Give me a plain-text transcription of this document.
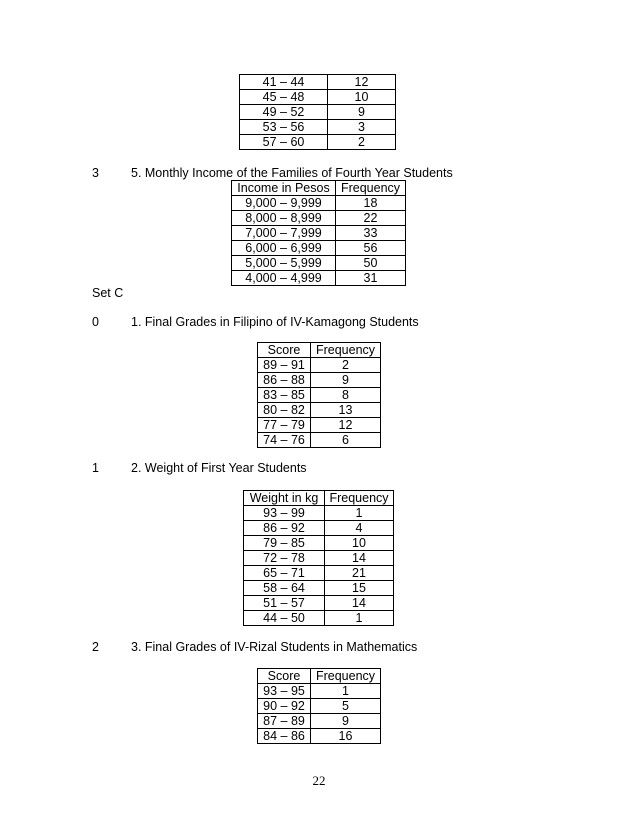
41 – 44	12
45 – 48	10
49 – 52	9
53 – 56	3
57 – 60	2
3	5. Monthly Income of the Families of Fourth Year Students
Income in Pesos	Frequency
9,000 – 9,999	18
8,000 – 8,999	22
7,000 – 7,999	33
6,000 – 6,999	56
5,000 – 5,999	50
4,000 – 4,999	31
Set C
0	1. Final Grades in Filipino of IV-Kamagong Students
Score	Frequency
89 – 91	2
86 – 88	9
83 – 85	8
80 – 82	13
77 – 79	12
74 – 76	6
1	2. Weight of First Year Students
Weight in kg	Frequency
93 – 99	1
86 – 92	4
79 – 85	10
72 – 78	14
65 – 71	21
58 – 64	15
51 – 57	14
44 – 50	1
2	3. Final Grades of IV-Rizal Students in Mathematics
Score	Frequency
93 – 95	1
90 – 92	5
87 – 89	9
84 – 86	16
22
